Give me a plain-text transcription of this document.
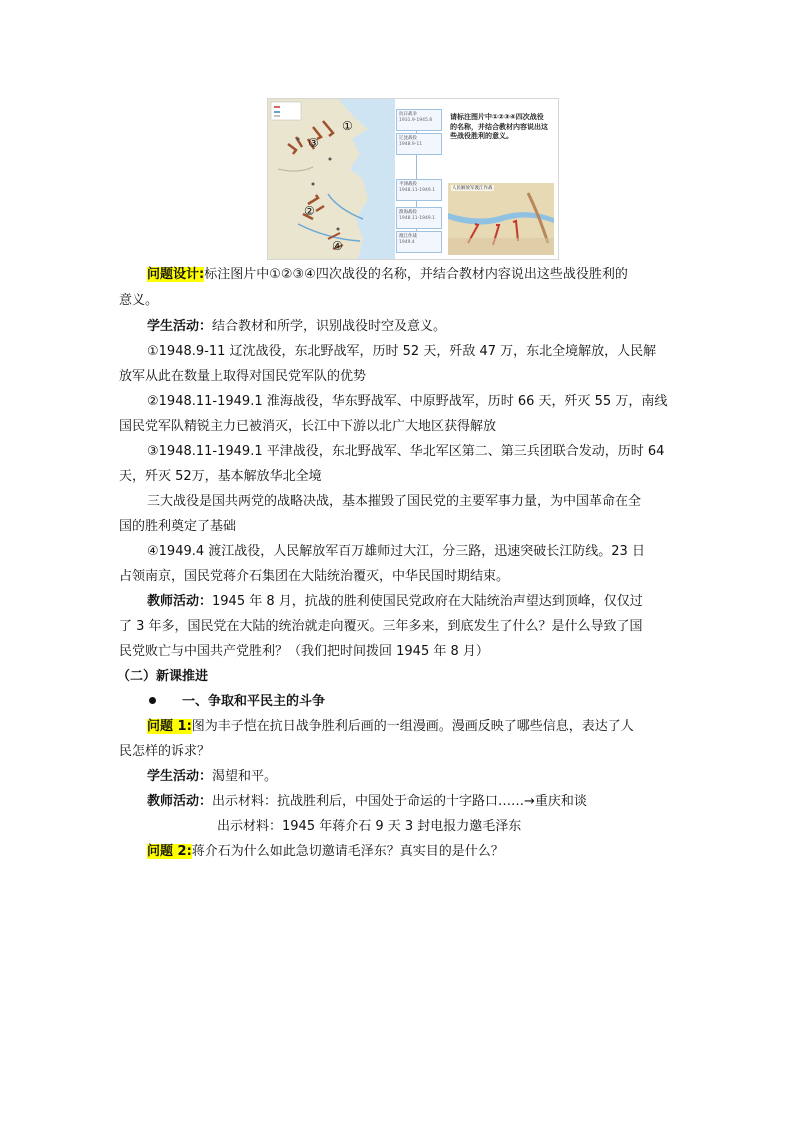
①
②
③
④
抗日战争
1931.9-1945.8
辽沈战役
1948.9-11
平津战役
1948.11-1949.1
淮海战役
1948.11-1949.1
渡江作战
1949.4
请标注图片中①②③④四次战役的名称，并结合教材内容说出这些战役胜利的意义。
人民解放军渡江作战
问题设计:标注图片中①②③④四次战役的名称，并结合教材内容说出这些战役胜利的
意义。
学生活动：结合教材和所学，识别战役时空及意义。
①1948.9-11 辽沈战役，东北野战军，历时 52 天，歼敌 47 万，东北全境解放，人民解
放军从此在数量上取得对国民党军队的优势
②1948.11-1949.1 淮海战役，华东野战军、中原野战军，历时 66 天，歼灭 55 万，南线
国民党军队精锐主力已被消灭，长江中下游以北广大地区获得解放
③1948.11-1949.1 平津战役，东北野战军、华北军区第二、第三兵团联合发动，历时 64
天，歼灭 52万，基本解放华北全境
三大战役是国共两党的战略决战，基本摧毁了国民党的主要军事力量，为中国革命在全
国的胜利奠定了基础
④1949.4 渡江战役，人民解放军百万雄师过大江，分三路，迅速突破长江防线。23 日
占领南京，国民党蒋介石集团在大陆统治覆灭，中华民国时期结束。
教师活动：1945 年 8 月，抗战的胜利使国民党政府在大陆统治声望达到顶峰，仅仅过
了 3 年多，国民党在大陆的统治就走向覆灭。三年多来，到底发生了什么？是什么导致了国
民党败亡与中国共产党胜利？（我们把时间拨回 1945 年 8 月）
（二）新课推进
一、争取和平民主的斗争
问题 1:图为丰子恺在抗日战争胜利后画的一组漫画。漫画反映了哪些信息，表达了人
民怎样的诉求？
学生活动：渴望和平。
教师活动：出示材料：抗战胜利后，中国处于命运的十字路口……→重庆和谈
出示材料：1945 年蒋介石 9 天 3 封电报力邀毛泽东
问题 2:蒋介石为什么如此急切邀请毛泽东？真实目的是什么？
